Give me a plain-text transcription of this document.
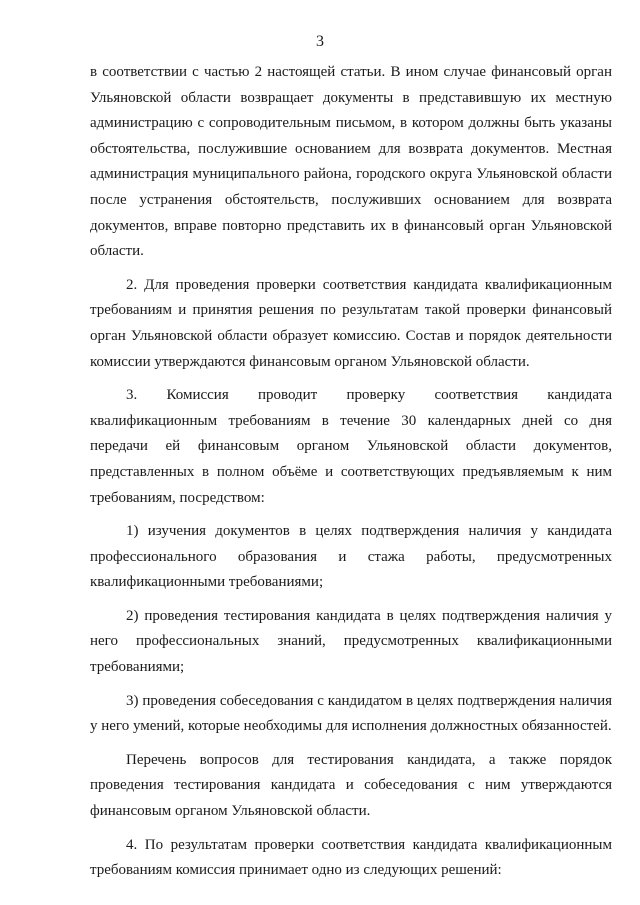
3

в соответствии с частью 2 настоящей статьи. В ином случае финансовый орган Ульяновской области возвращает документы в представившую их местную администрацию с сопроводительным письмом, в котором должны быть указаны обстоятельства, послужившие основанием для возврата документов. Местная администрация муниципального района, городского округа Ульяновской области после устранения обстоятельств, послуживших основанием для возврата документов, вправе повторно представить их в финансовый орган Ульяновской области.

2. Для проведения проверки соответствия кандидата квалификационным требованиям и принятия решения по результатам такой проверки финансовый орган Ульяновской области образует комиссию. Состав и порядок деятельности комиссии утверждаются финансовым органом Ульяновской области.

3. Комиссия проводит проверку соответствия кандидата квалификационным требованиям в течение 30 календарных дней со дня передачи ей финансовым органом Ульяновской области документов, представленных в полном объёме и соответствующих предъявляемым к ним требованиям, посредством:

1) изучения документов в целях подтверждения наличия у кандидата профессионального образования и стажа работы, предусмотренных квалификационными требованиями;

2) проведения тестирования кандидата в целях подтверждения наличия у него профессиональных знаний, предусмотренных квалификационными требованиями;

3) проведения собеседования с кандидатом в целях подтверждения наличия у него умений, которые необходимы для исполнения должностных обязанностей.

Перечень вопросов для тестирования кандидата, а также порядок проведения тестирования кандидата и собеседования с ним утверждаются финансовым органом Ульяновской области.

4. По результатам проверки соответствия кандидата квалификационным требованиям комиссия принимает одно из следующих решений:
